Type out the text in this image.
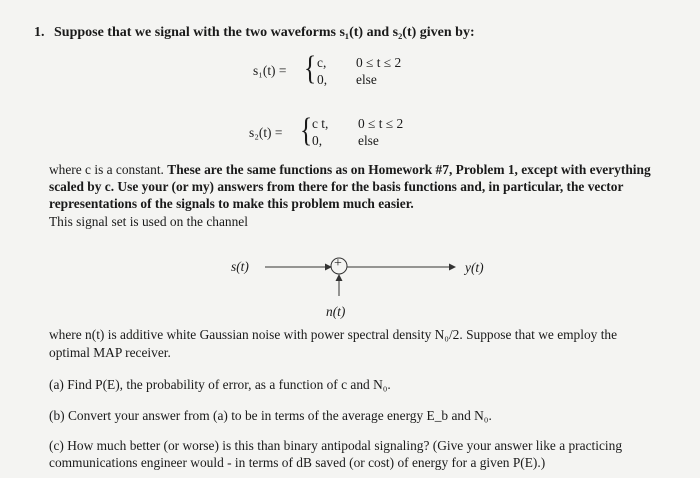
1. Suppose that we signal with the two waveforms s₁(t) and s₂(t) given by:
s₁(t) = { c, 0 ≤ t ≤ 2
0, else
s₂(t) = { c t, 0 ≤ t ≤ 2
0,	else
where c is a constant. These are the same functions as on Homework #7, Problem 1, except with everything
scaled by c. Use your (or my) answers from there for the basis functions and, in particular, the vector
representations of the signals to make this problem much easier.
This signal set is used on the channel
s(t)	+	y(t)
n(t)
where n(t) is additive white Gaussian noise with power spectral density N₀/2. Suppose that we employ the
optimal MAP receiver.
(a) Find P(E), the probability of error, as a function of c and N₀.
(b) Convert your answer from (a) to be in terms of the average energy E_b and N₀.
(c) How much better (or worse) is this than binary antipodal signaling? (Give your answer like a practicing
communications engineer would - in terms of dB saved (or cost) of energy for a given P(E).)
